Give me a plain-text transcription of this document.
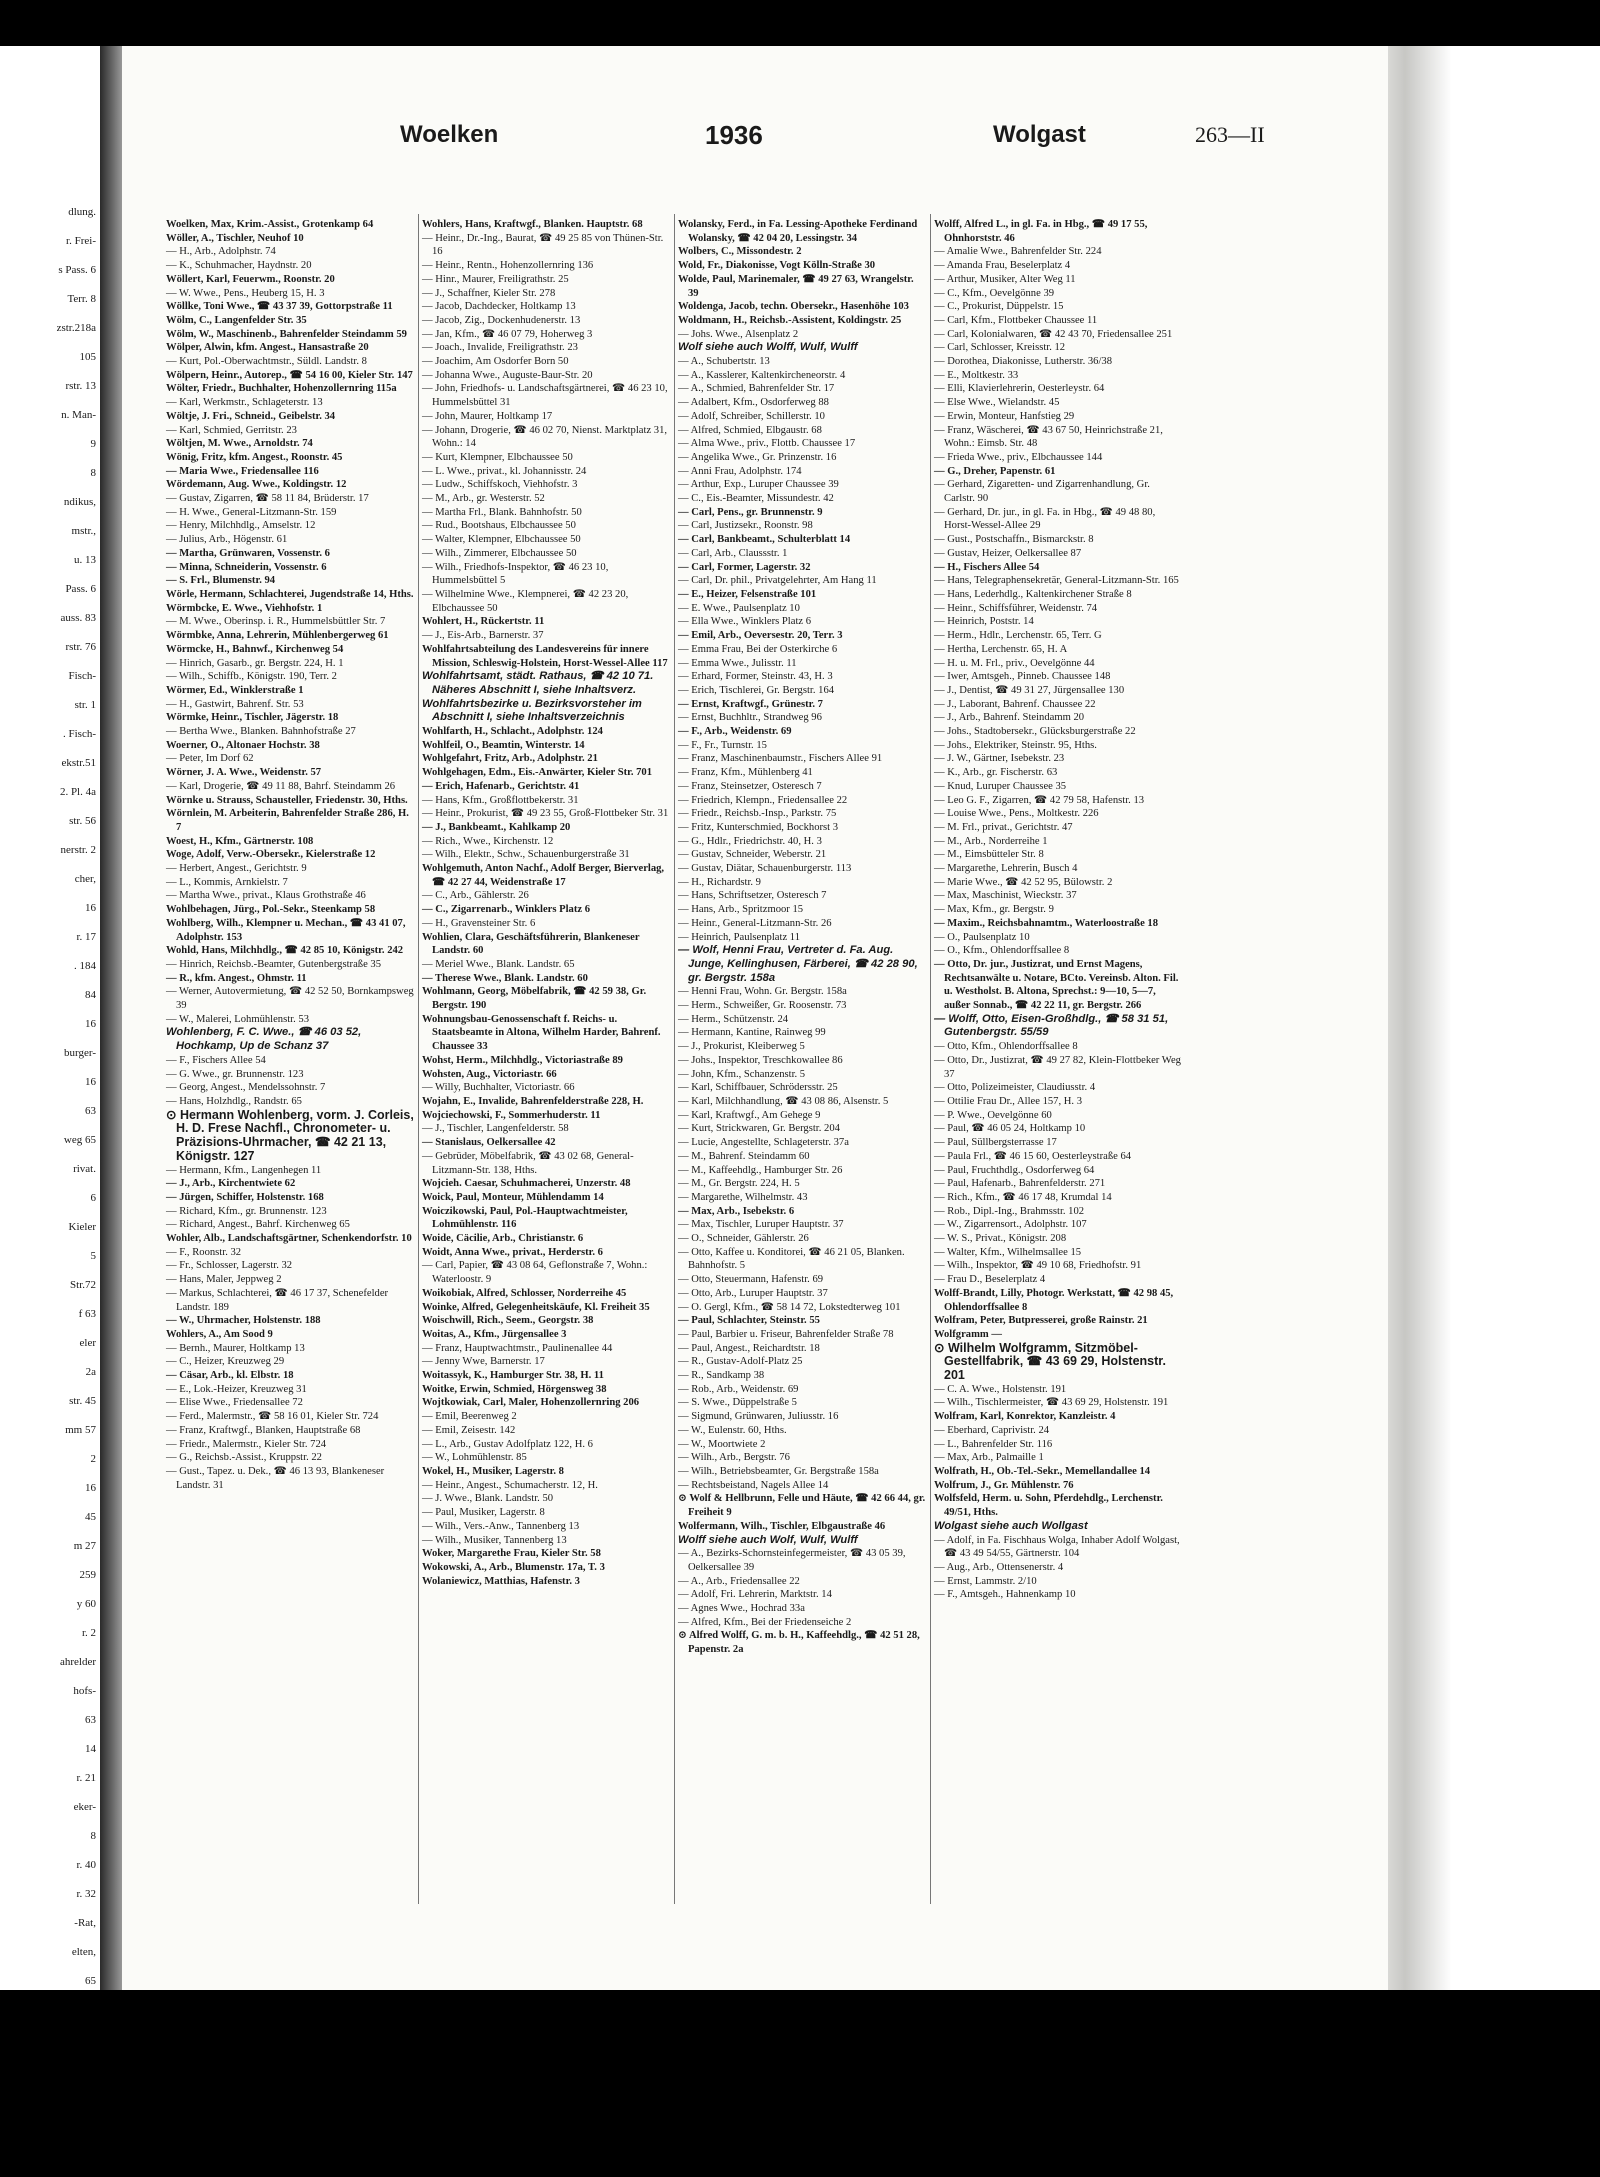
dlung.
r. Frei-
s Pass. 6
Terr. 8
zstr.218a
105
rstr. 13
n. Man-
9
8
ndikus,
mstr.,
u. 13
Pass. 6
auss. 83
rstr. 76
Fisch-
str. 1
. Fisch-
ekstr.51
2. Pl. 4a
str. 56
nerstr. 2
cher,
16
r. 17
. 184
84
16
burger-
16
63
weg 65
rivat.
6
Kieler
5
Str.72
f 63
eler
2a
str. 45
mm 57
2
16
45
m 27
259
y 60
r. 2
ahrelder
hofs-
63
14
r. 21
eker-
8
r. 40
r. 32
-Rat,
elten,
65
Woelken	1936	Wolgast	263—II

Woelken, Max, Krim.-Assist., Grotenkamp 64

Wöller, A., Tischler, Neuhof 10

— H., Arb., Adolphstr. 74

— K., Schuhmacher, Haydnstr. 20

Wöllert, Karl, Feuerwm., Roonstr. 20

— W. Wwe., Pens., Heuberg 15, H. 3

Wöllke, Toni Wwe., ☎ 43 37 39, Gottorpstraße 11

Wölm, C., Langenfelder Str. 35

Wölm, W., Maschinenb., Bahrenfelder Steindamm 59

Wölper, Alwin, kfm. Angest., Hansastraße 20

— Kurt, Pol.-Oberwachtmstr., Süldl. Landstr. 8

Wölpern, Heinr., Autorep., ☎ 54 16 00, Kieler Str. 147

Wölter, Friedr., Buchhalter, Hohenzollernring 115a

— Karl, Werkmstr., Schlageterstr. 13

Wöltje, J. Fri., Schneid., Geibelstr. 34

— Karl, Schmied, Gerritstr. 23

Wöltjen, M. Wwe., Arnoldstr. 74

Wönig, Fritz, kfm. Angest., Roonstr. 45

— Maria Wwe., Friedensallee 116

Wördemann, Aug. Wwe., Koldingstr. 12

— Gustav, Zigarren, ☎ 58 11 84, Brüderstr. 17

— H. Wwe., General-Litzmann-Str. 159

— Henry, Milchhdlg., Amselstr. 12

— Julius, Arb., Högenstr. 61

— Martha, Grünwaren, Vossenstr. 6

— Minna, Schneiderin, Vossenstr. 6

— S. Frl., Blumenstr. 94

Wörle, Hermann, Schlachterei, Jugendstraße 14, Hths.

Wörmbcke, E. Wwe., Viehhofstr. 1

— M. Wwe., Oberinsp. i. R., Hummelsbüttler Str. 7

Wörmbke, Anna, Lehrerin, Mühlenbergerweg 61

Wörmcke, H., Bahnwf., Kirchenweg 54

— Hinrich, Gasarb., gr. Bergstr. 224, H. 1

— Wilh., Schiffb., Königstr. 190, Terr. 2

Wörmer, Ed., Winklerstraße 1

— H., Gastwirt, Bahrenf. Str. 53

Wörmke, Heinr., Tischler, Jägerstr. 18

— Bertha Wwe., Blanken. Bahnhofstraße 27

Woerner, O., Altonaer Hochstr. 38

— Peter, Im Dorf 62

Wörner, J. A. Wwe., Weidenstr. 57

— Karl, Drogerie, ☎ 49 11 88, Bahrf. Steindamm 26

Wörnke u. Strauss, Schausteller, Friedenstr. 30, Hths.

Wörnlein, M. Arbeiterin, Bahrenfelder Straße 286, H. 7

Woest, H., Kfm., Gärtnerstr. 108

Woge, Adolf, Verw.-Obersekr., Kielerstraße 12

— Herbert, Angest., Gerichtstr. 9

— L., Kommis, Arnkielstr. 7

— Martha Wwe., privat., Klaus Grothstraße 46

Wohlbehagen, Jürg., Pol.-Sekr., Steenkamp 58

Wohlberg, Wilh., Klempner u. Mechan., ☎ 43 41 07, Adolphstr. 153

Wohld, Hans, Milchhdlg., ☎ 42 85 10, Königstr. 242

— Hinrich, Reichsb.-Beamter, Gutenbergstraße 35

— R., kfm. Angest., Ohmstr. 11

— Werner, Autovermietung, ☎ 42 52 50, Bornkampsweg 39

— W., Malerei, Lohmühlenstr. 53

Wohlenberg, F. C. Wwe., ☎ 46 03 52, Hochkamp, Up de Schanz 37

— F., Fischers Allee 54

— G. Wwe., gr. Brunnenstr. 123

— Georg, Angest., Mendelssohnstr. 7

— Hans, Holzhdlg., Randstr. 65

⊙ Hermann Wohlenberg, vorm. J. Corleis, H. D. Frese Nachfl., Chronometer- u. Präzisions-Uhrmacher, ☎ 42 21 13, Königstr. 127

— Hermann, Kfm., Langenhegen 11

— J., Arb., Kirchentwiete 62

— Jürgen, Schiffer, Holstenstr. 168

— Richard, Kfm., gr. Brunnenstr. 123

— Richard, Angest., Bahrf. Kirchenweg 65

Wohler, Alb., Landschaftsgärtner, Schenkendorfstr. 10

— F., Roonstr. 32

— Fr., Schlosser, Lagerstr. 32

— Hans, Maler, Jeppweg 2

— Markus, Schlachterei, ☎ 46 17 37, Schenefelder Landstr. 189

— W., Uhrmacher, Holstenstr. 188

Wohlers, A., Am Sood 9

— Bernh., Maurer, Holtkamp 13

— C., Heizer, Kreuzweg 29

— Cäsar, Arb., kl. Elbstr. 18

— E., Lok.-Heizer, Kreuzweg 31

— Elise Wwe., Friedensallee 72

— Ferd., Malermstr., ☎ 58 16 01, Kieler Str. 724

— Franz, Kraftwgf., Blanken, Hauptstraße 68

— Friedr., Malermstr., Kieler Str. 724

— G., Reichsb.-Assist., Kruppstr. 22

— Gust., Tapez. u. Dek., ☎ 46 13 93, Blankeneser Landstr. 31

Wohlers, Hans, Kraftwgf., Blanken. Hauptstr. 68

— Heinr., Dr.-Ing., Baurat, ☎ 49 25 85 von Thünen-Str. 16

— Heinr., Rentn., Hohenzollernring 136

— Hinr., Maurer, Freiligrathstr. 25

— J., Schaffner, Kieler Str. 278

— Jacob, Dachdecker, Holtkamp 13

— Jacob, Zig., Dockenhudenerstr. 13

— Jan, Kfm., ☎ 46 07 79, Hoherweg 3

— Joach., Invalide, Freiligrathstr. 23

— Joachim, Am Osdorfer Born 50

— Johanna Wwe., Auguste-Baur-Str. 20

— John, Friedhofs- u. Landschaftsgärtnerei, ☎ 46 23 10, Hummelsbüttel 31

— John, Maurer, Holtkamp 17

— Johann, Drogerie, ☎ 46 02 70, Nienst. Marktplatz 31, Wohn.: 14

— Kurt, Klempner, Elbchaussee 50

— L. Wwe., privat., kl. Johannisstr. 24

— Ludw., Schiffskoch, Viehhofstr. 3

— M., Arb., gr. Westerstr. 52

— Martha Frl., Blank. Bahnhofstr. 50

— Rud., Bootshaus, Elbchaussee 50

— Walter, Klempner, Elbchaussee 50

— Wilh., Zimmerer, Elbchaussee 50

— Wilh., Friedhofs-Inspektor, ☎ 46 23 10, Hummelsbüttel 5

— Wilhelmine Wwe., Klempnerei, ☎ 42 23 20, Elbchaussee 50

Wohlert, H., Rückertstr. 11

— J., Eis-Arb., Barnerstr. 37

Wohlfahrtsabteilung des Landesvereins für innere Mission, Schleswig-Holstein, Horst-Wessel-Allee 117

Wohlfahrtsamt, städt. Rathaus, ☎ 42 10 71. Näheres Abschnitt I, siehe Inhaltsverz.

Wohlfahrtsbezirke u. Bezirksvorsteher im Abschnitt I, siehe Inhaltsverzeichnis

Wohlfarth, H., Schlacht., Adolphstr. 124

Wohlfeil, O., Beamtin, Winterstr. 14

Wohlgefahrt, Fritz, Arb., Adolphstr. 21

Wohlgehagen, Edm., Eis.-Anwärter, Kieler Str. 701

— Erich, Hafenarb., Gerichtstr. 41

— Hans, Kfm., Großflottbekerstr. 31

— Heinr., Prokurist, ☎ 49 23 55, Groß-Flottbeker Str. 31

— J., Bankbeamt., Kahlkamp 20

— Rich., Wwe., Kirchenstr. 12

— Wilh., Elektr., Schw., Schauenburgerstraße 31

Wohlgemuth, Anton Nachf., Adolf Berger, Bierverlag, ☎ 42 27 44, Weidenstraße 17

— C., Arb., Gählerstr. 26

— C., Zigarrenarb., Winklers Platz 6

— H., Gravensteiner Str. 6

Wohlien, Clara, Geschäftsführerin, Blankeneser Landstr. 60

— Meriel Wwe., Blank. Landstr. 65

— Therese Wwe., Blank. Landstr. 60

Wohlmann, Georg, Möbelfabrik, ☎ 42 59 38, Gr. Bergstr. 190

Wohnungsbau-Genossenschaft f. Reichs- u. Staatsbeamte in Altona, Wilhelm Harder, Bahrenf. Chaussee 33

Wohst, Herm., Milchhdlg., Victoriastraße 89

Wohsten, Aug., Victoriastr. 66

— Willy, Buchhalter, Victoriastr. 66

Wojahn, E., Invalide, Bahrenfelderstraße 228, H.

Wojciechowski, F., Sommerhuderstr. 11

— J., Tischler, Langenfelderstr. 58

— Stanislaus, Oelkersallee 42

— Gebrüder, Möbelfabrik, ☎ 43 02 68, General-Litzmann-Str. 138, Hths.

Wojcieh. Caesar, Schuhmacherei, Unzerstr. 48

Woick, Paul, Monteur, Mühlendamm 14

Woiczikowski, Paul, Pol.-Hauptwachtmeister, Lohmühlenstr. 116

Woide, Cäcilie, Arb., Christianstr. 6

Woidt, Anna Wwe., privat., Herderstr. 6

— Carl, Papier, ☎ 43 08 64, Geflonstraße 7, Wohn.: Waterloostr. 9

Woikobiak, Alfred, Schlosser, Norderreihe 45

Woinke, Alfred, Gelegenheitskäufe, Kl. Freiheit 35

Woischwill, Rich., Seem., Georgstr. 38

Woitas, A., Kfm., Jürgensallee 3

— Franz, Hauptwachtmstr., Paulinenallee 44

— Jenny Wwe, Barnerstr. 17

Woitassyk, K., Hamburger Str. 38, H. 11

Woitke, Erwin, Schmied, Hörgensweg 38

Wojtkowiak, Carl, Maler, Hohenzollernring 206

— Emil, Beerenweg 2

— Emil, Zeisestr. 142

— L., Arb., Gustav Adolfplatz 122, H. 6

— W., Lohmühlenstr. 85

Wokel, H., Musiker, Lagerstr. 8

— Heinr., Angest., Schumacherstr. 12, H.

— J. Wwe., Blank. Landstr. 50

— Paul, Musiker, Lagerstr. 8

— Wilh., Vers.-Anw., Tannenberg 13

— Wilh., Musiker, Tannenberg 13

Woker, Margarethe Frau, Kieler Str. 58

Wokowski, A., Arb., Blumenstr. 17a, T. 3

Wolaniewicz, Matthias, Hafenstr. 3

Wolansky, Ferd., in Fa. Lessing-Apotheke Ferdinand Wolansky, ☎ 42 04 20, Lessingstr. 34

Wolbers, C., Missondestr. 2

Wold, Fr., Diakonisse, Vogt Kölln-Straße 30

Wolde, Paul, Marinemaler, ☎ 49 27 63, Wrangelstr. 39

Woldenga, Jacob, techn. Obersekr., Hasenhöhe 103

Woldmann, H., Reichsb.-Assistent, Koldingstr. 25

— Johs. Wwe., Alsenplatz 2

Wolf siehe auch Wolff, Wulf, Wulff

— A., Schubertstr. 13

— A., Kasslerer, Kaltenkircheneorstr. 4

— A., Schmied, Bahrenfelder Str. 17

— Adalbert, Kfm., Osdorferweg 88

— Adolf, Schreiber, Schillerstr. 10

— Alfred, Schmied, Elbgaustr. 68

— Alma Wwe., priv., Flottb. Chaussee 17

— Angelika Wwe., Gr. Prinzenstr. 16

— Anni Frau, Adolphstr. 174

— Arthur, Exp., Luruper Chaussee 39

— C., Eis.-Beamter, Missundestr. 42

— Carl, Pens., gr. Brunnenstr. 9

— Carl, Justizsekr., Roonstr. 98

— Carl, Bankbeamt., Schulterblatt 14

— Carl, Arb., Claussstr. 1

— Carl, Former, Lagerstr. 32

— Carl, Dr. phil., Privatgelehrter, Am Hang 11

— E., Heizer, Felsenstraße 101

— E. Wwe., Paulsenplatz 10

— Ella Wwe., Winklers Platz 6

— Emil, Arb., Oeversestr. 20, Terr. 3

— Emma Frau, Bei der Osterkirche 6

— Emma Wwe., Julisstr. 11

— Erhard, Former, Steinstr. 43, H. 3

— Erich, Tischlerei, Gr. Bergstr. 164

— Ernst, Kraftwgf., Grünestr. 7

— Ernst, Buchhltr., Strandweg 96

— F., Arb., Weidenstr. 69

— F., Fr., Turnstr. 15

— Franz, Maschinenbaumstr., Fischers Allee 91

— Franz, Kfm., Mühlenberg 41

— Franz, Steinsetzer, Osteresch 7

— Friedrich, Klempn., Friedensallee 22

— Friedr., Reichsb.-Insp., Parkstr. 75

— Fritz, Kunterschmied, Bockhorst 3

— G., Hdlr., Friedrichstr. 40, H. 3

— Gustav, Schneider, Weberstr. 21

— Gustav, Diätar, Schauenburgerstr. 113

— H., Richardstr. 9

— Hans, Schriftsetzer, Osteresch 7

— Hans, Arb., Spritzmoor 15

— Heinr., General-Litzmann-Str. 26

— Heinrich, Paulsenplatz 11

— Wolf, Henni Frau, Vertreter d. Fa. Aug. Junge, Kellinghusen, Färberei, ☎ 42 28 90, gr. Bergstr. 158a

— Henni Frau, Wohn. Gr. Bergstr. 158a

— Herm., Schweißer, Gr. Roosenstr. 73

— Herm., Schützenstr. 24

— Hermann, Kantine, Rainweg 99

— J., Prokurist, Kleiberweg 5

— Johs., Inspektor, Treschkowallee 86

— John, Kfm., Schanzenstr. 5

— Karl, Schiffbauer, Schrödersstr. 25

— Karl, Milchhandlung, ☎ 43 08 86, Alsenstr. 5

— Karl, Kraftwgf., Am Gehege 9

— Kurt, Strickwaren, Gr. Bergstr. 204

— Lucie, Angestellte, Schlageterstr. 37a

— M., Bahrenf. Steindamm 60

— M., Kaffeehdlg., Hamburger Str. 26

— M., Gr. Bergstr. 224, H. 5

— Margarethe, Wilhelmstr. 43

— Max, Arb., Isebekstr. 6

— Max, Tischler, Luruper Hauptstr. 37

— O., Schneider, Gählerstr. 26

— Otto, Kaffee u. Konditorei, ☎ 46 21 05, Blanken. Bahnhofstr. 5

— Otto, Steuermann, Hafenstr. 69

— Otto, Arb., Luruper Hauptstr. 37

— O. Gergl, Kfm., ☎ 58 14 72, Lokstedterweg 101

— Paul, Schlachter, Steinstr. 55

— Paul, Barbier u. Friseur, Bahrenfelder Straße 78

— Paul, Angest., Reichardtstr. 18

— R., Gustav-Adolf-Platz 25

— R., Sandkamp 38

— Rob., Arb., Weidenstr. 69

— S. Wwe., Düppelstraße 5

— Sigmund, Grünwaren, Juliusstr. 16

— W., Eulenstr. 60, Hths.

— W., Moortwiete 2

— Wilh., Arb., Bergstr. 76

— Wilh., Betriebsbeamter, Gr. Bergstraße 158a

— Rechtsbeistand, Nagels Allee 14

⊙ Wolf & Hellbrunn, Felle und Häute, ☎ 42 66 44, gr. Freiheit 9

Wolfermann, Wilh., Tischler, Elbgaustraße 46

Wolff siehe auch Wolf, Wulf, Wulff

— A., Bezirks-Schornsteinfegermeister, ☎ 43 05 39, Oelkersallee 39

— A., Arb., Friedensallee 22

— Adolf, Fri. Lehrerin, Marktstr. 14

— Agnes Wwe., Hochrad 33a

— Alfred, Kfm., Bei der Friedenseiche 2

⊙ Alfred Wolff, G. m. b. H., Kaffeehdlg., ☎ 42 51 28, Papenstr. 2a

Wolff, Alfred L., in gl. Fa. in Hbg., ☎ 49 17 55, Ohnhorststr. 46

— Amalie Wwe., Bahrenfelder Str. 224

— Amanda Frau, Beselerplatz 4

— Arthur, Musiker, Alter Weg 11

— C., Kfm., Oevelgönne 39

— C., Prokurist, Düppelstr. 15

— Carl, Kfm., Flottbeker Chaussee 11

— Carl, Kolonialwaren, ☎ 42 43 70, Friedensallee 251

— Carl, Schlosser, Kreisstr. 12

— Dorothea, Diakonisse, Lutherstr. 36/38

— E., Moltkestr. 33

— Elli, Klavierlehrerin, Oesterleystr. 64

— Else Wwe., Wielandstr. 45

— Erwin, Monteur, Hanfstieg 29

— Franz, Wäscherei, ☎ 43 67 50, Heinrichstraße 21, Wohn.: Eimsb. Str. 48

— Frieda Wwe., priv., Elbchaussee 144

— G., Dreher, Papenstr. 61

— Gerhard, Zigaretten- und Zigarrenhandlung, Gr. Carlstr. 90

— Gerhard, Dr. jur., in gl. Fa. in Hbg., ☎ 49 48 80, Horst-Wessel-Allee 29

— Gust., Postschaffn., Bismarckstr. 8

— Gustav, Heizer, Oelkersallee 87

— H., Fischers Allee 54

— Hans, Telegraphensekretär, General-Litzmann-Str. 165

— Hans, Lederhdlg., Kaltenkirchener Straße 8

— Heinr., Schiffsführer, Weidenstr. 74

— Heinrich, Poststr. 14

— Herm., Hdlr., Lerchenstr. 65, Terr. G

— Hertha, Lerchenstr. 65, H. A

— H. u. M. Frl., priv., Oevelgönne 44

— Iwer, Amtsgeh., Pinneb. Chaussee 148

— J., Dentist, ☎ 49 31 27, Jürgensallee 130

— J., Laborant, Bahrenf. Chaussee 22

— J., Arb., Bahrenf. Steindamm 20

— Johs., Stadtobersekr., Glücksburgerstraße 22

— Johs., Elektriker, Steinstr. 95, Hths.

— J. W., Gärtner, Isebekstr. 23

— K., Arb., gr. Fischerstr. 63

— Knud, Luruper Chaussee 35

— Leo G. F., Zigarren, ☎ 42 79 58, Hafenstr. 13

— Louise Wwe., Pens., Moltkestr. 226

— M. Frl., privat., Gerichtstr. 47

— M., Arb., Norderreihe 1

— M., Eimsbütteler Str. 8

— Margarethe, Lehrerin, Busch 4

— Marie Wwe., ☎ 42 52 95, Bülowstr. 2

— Max, Maschinist, Wieckstr. 37

— Max, Kfm., gr. Bergstr. 9

— Maxim., Reichsbahnamtm., Waterloostraße 18

— O., Paulsenplatz 10

— O., Kfm., Ohlendorffsallee 8

— Otto, Dr. jur., Justizrat, und Ernst Magens, Rechtsanwälte u. Notare, BCto. Vereinsb. Alton. Fil. u. Westholst. B. Altona, Sprechst.: 9—10, 5—7, außer Sonnab., ☎ 42 22 11, gr. Bergstr. 266

— Wolff, Otto, Eisen-Großhdlg., ☎ 58 31 51, Gutenbergstr. 55/59

— Otto, Kfm., Ohlendorffsallee 8

— Otto, Dr., Justizrat, ☎ 49 27 82, Klein-Flottbeker Weg 37

— Otto, Polizeimeister, Claudiusstr. 4

— Ottilie Frau Dr., Allee 157, H. 3

— P. Wwe., Oevelgönne 60

— Paul, ☎ 46 05 24, Holtkamp 10

— Paul, Süllbergsterrasse 17

— Paula Frl., ☎ 46 15 60, Oesterleystraße 64

— Paul, Fruchthdlg., Osdorferweg 64

— Paul, Hafenarb., Bahrenfelderstr. 271

— Rich., Kfm., ☎ 46 17 48, Krumdal 14

— Rob., Dipl.-Ing., Brahmsstr. 102

— W., Zigarrensort., Adolphstr. 107

— W. S., Privat., Königstr. 208

— Walter, Kfm., Wilhelmsallee 15

— Wilh., Inspektor, ☎ 49 10 68, Friedhofstr. 91

— Frau D., Beselerplatz 4

Wolff-Brandt, Lilly, Photogr. Werkstatt, ☎ 42 98 45, Ohlendorffsallee 8

Wolfram, Peter, Butpresserei, große Rainstr. 21

Wolfgramm —

⊙ Wilhelm Wolfgramm, Sitzmöbel-Gestellfabrik, ☎ 43 69 29, Holstenstr. 201

— C. A. Wwe., Holstenstr. 191

— Wilh., Tischlermeister, ☎ 43 69 29, Holstenstr. 191

Wolfram, Karl, Konrektor, Kanzleistr. 4

— Eberhard, Caprivistr. 24

— L., Bahrenfelder Str. 116

— Max, Arb., Palmaille 1

Wolfrath, H., Ob.-Tel.-Sekr., Memellandallee 14

Wolfrum, J., Gr. Mühlenstr. 76

Wolfsfeld, Herm. u. Sohn, Pferdehdlg., Lerchenstr. 49/51, Hths.

Wolgast siehe auch Wollgast

— Adolf, in Fa. Fischhaus Wolga, Inhaber Adolf Wolgast, ☎ 43 49 54/55, Gärtnerstr. 104

— Aug., Arb., Ottensenerstr. 4

— Ernst, Lammstr. 2/10

— F., Amtsgeh., Hahnenkamp 10
